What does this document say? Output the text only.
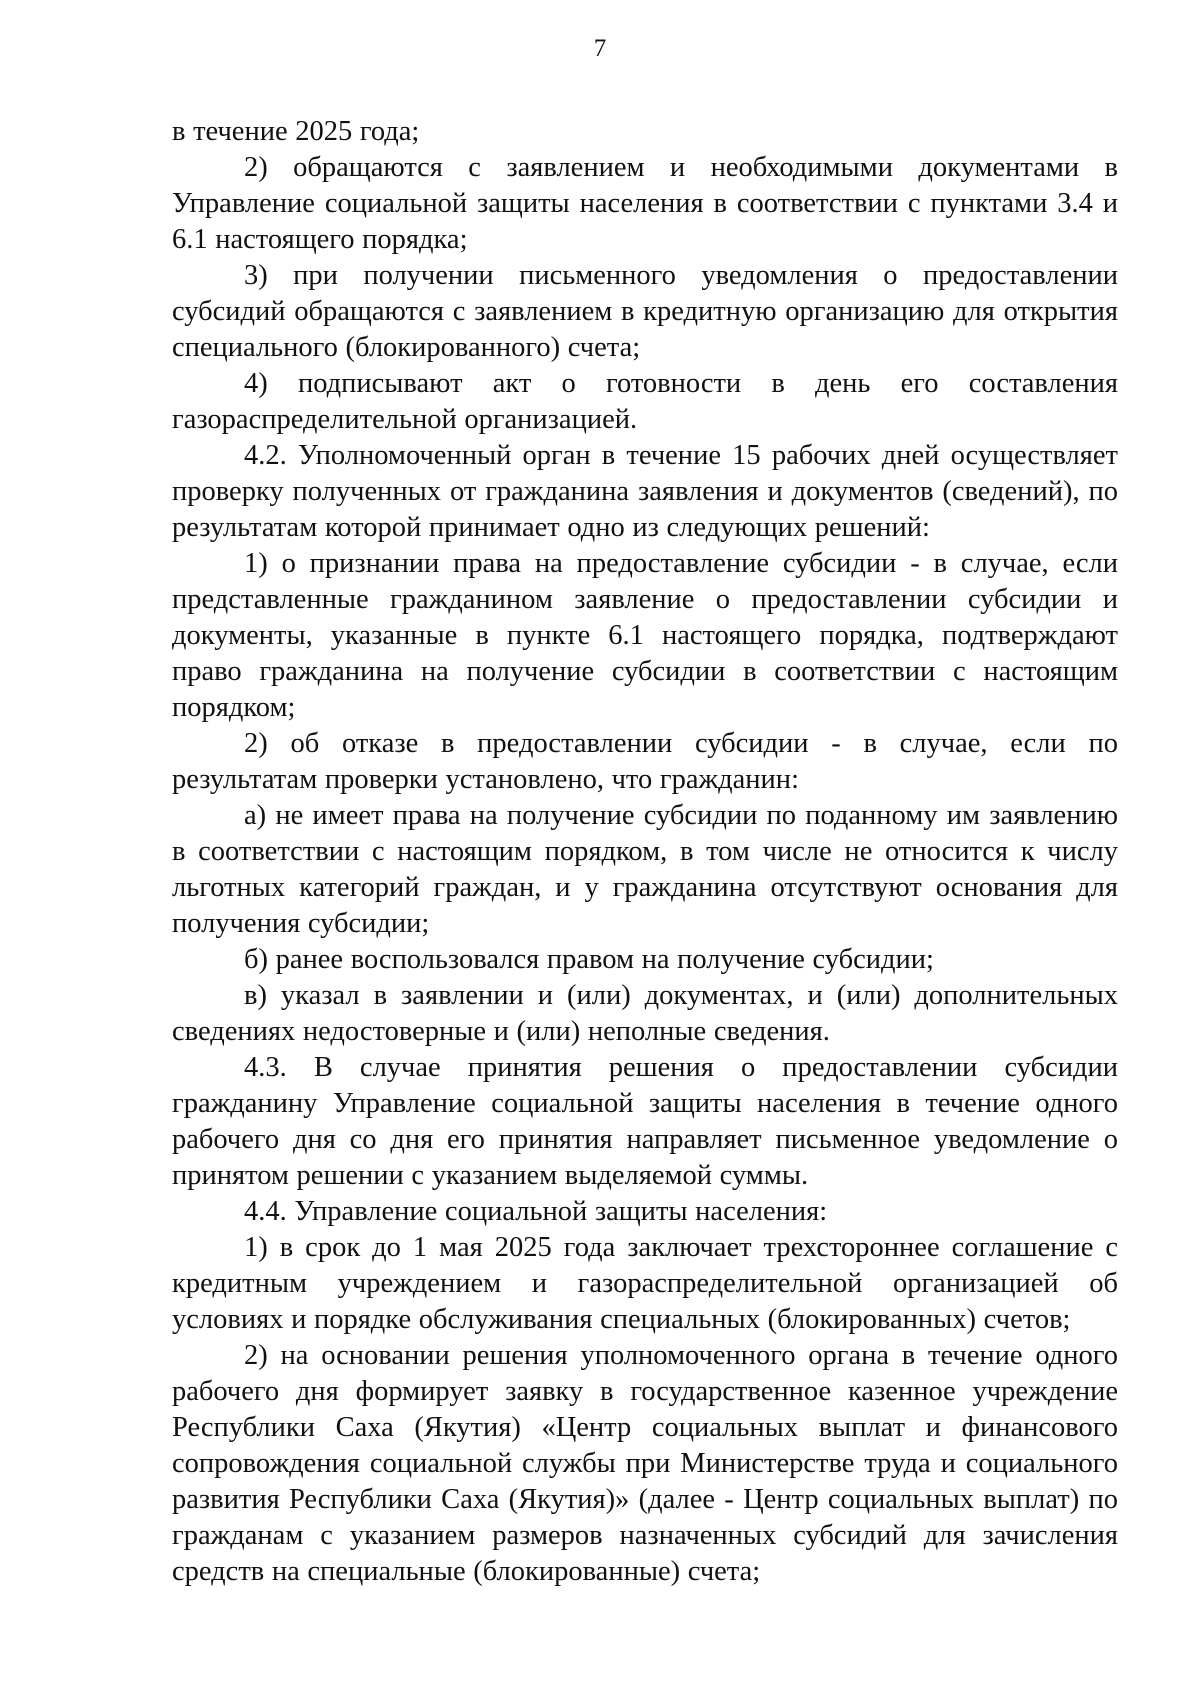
7

в течение 2025 года;

2) обращаются с заявлением и необходимыми документами в Управление социальной защиты населения в соответствии с пунктами 3.4 и 6.1 настоящего порядка;

3) при получении письменного уведомления о предоставлении субсидий обращаются с заявлением в кредитную организацию для открытия специального (блокированного) счета;

4) подписывают акт о готовности в день его составления газораспределительной организацией.

4.2. Уполномоченный орган в течение 15 рабочих дней осуществляет проверку полученных от гражданина заявления и документов (сведений), по результатам которой принимает одно из следующих решений:

1) о признании права на предоставление субсидии - в случае, если представленные гражданином заявление о предоставлении субсидии и документы, указанные в пункте 6.1 настоящего порядка, подтверждают право гражданина на получение субсидии в соответствии с настоящим порядком;

2) об отказе в предоставлении субсидии - в случае, если по результатам проверки установлено, что гражданин:

а) не имеет права на получение субсидии по поданному им заявлению в соответствии с настоящим порядком, в том числе не относится к числу льготных категорий граждан, и у гражданина отсутствуют основания для получения субсидии;

б) ранее воспользовался правом на получение субсидии;

в) указал в заявлении и (или) документах, и (или) дополнительных сведениях недостоверные и (или) неполные сведения.

4.3. В случае принятия решения о предоставлении субсидии гражданину Управление социальной защиты населения в течение одного рабочего дня со дня его принятия направляет письменное уведомление о принятом решении с указанием выделяемой суммы.

4.4. Управление социальной защиты населения:

1) в срок до 1 мая 2025 года заключает трехстороннее соглашение с кредитным учреждением и газораспределительной организацией об условиях и порядке обслуживания специальных (блокированных) счетов;

2) на основании решения уполномоченного органа в течение одного рабочего дня формирует заявку в государственное казенное учреждение Республики Саха (Якутия) «Центр социальных выплат и финансового сопровождения социальной службы при Министерстве труда и социального развития Республики Саха (Якутия)» (далее - Центр социальных выплат) по гражданам с указанием размеров назначенных субсидий для зачисления средств на специальные (блокированные) счета;
